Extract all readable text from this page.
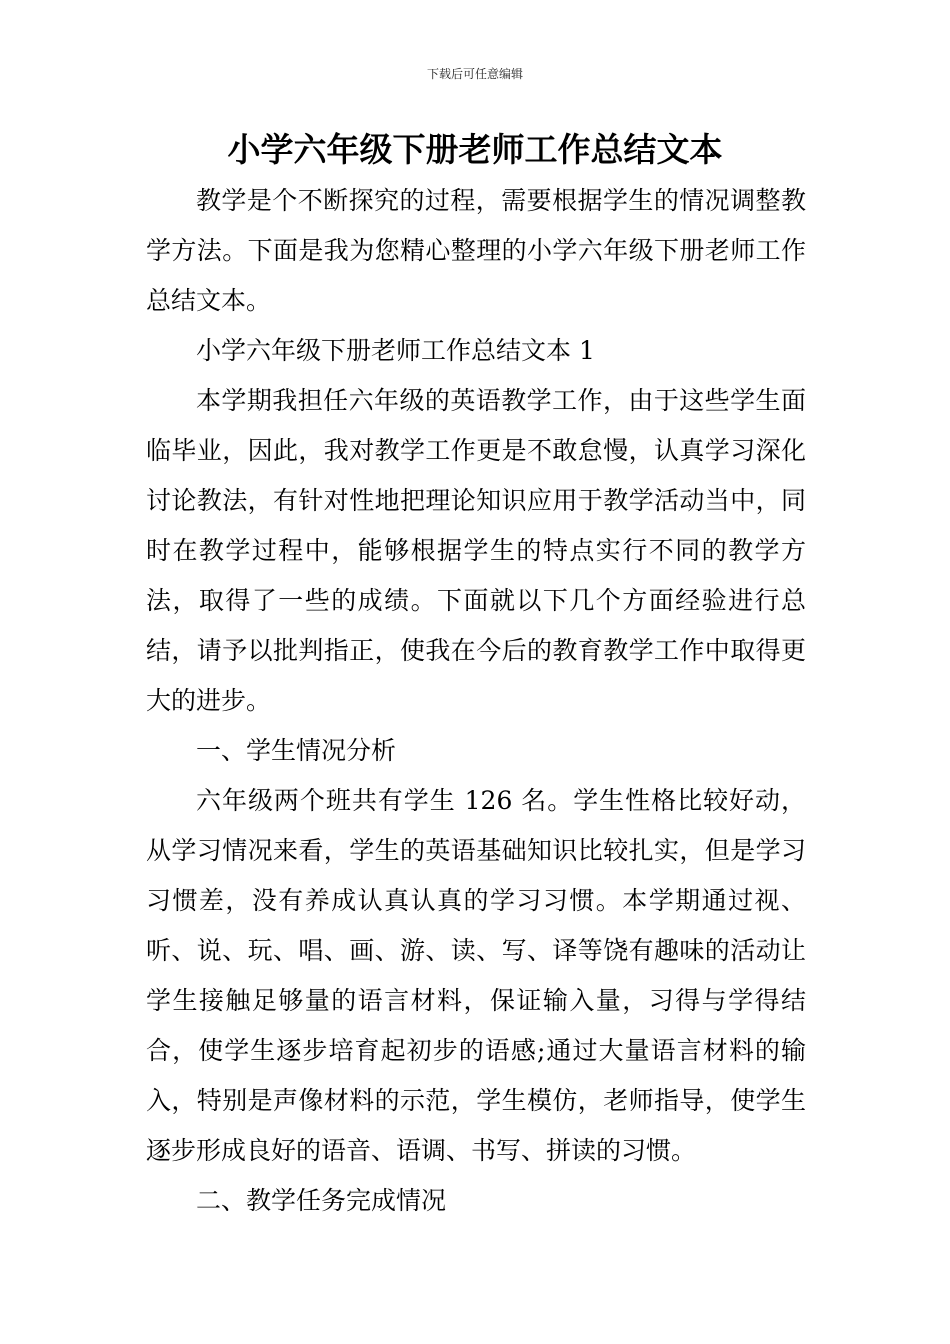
下载后可任意编辑
小学六年级下册老师工作总结文本

教学是个不断探究的过程，需要根据学生的情况调整教学方法。下面是我为您精心整理的小学六年级下册老师工作总结文本。

小学六年级下册老师工作总结文本 1

本学期我担任六年级的英语教学工作，由于这些学生面临毕业，因此，我对教学工作更是不敢怠慢，认真学习深化讨论教法，有针对性地把理论知识应用于教学活动当中，同时在教学过程中，能够根据学生的特点实行不同的教学方法，取得了一些的成绩。下面就以下几个方面经验进行总结，请予以批判指正，使我在今后的教育教学工作中取得更大的进步。

一、学生情况分析

六年级两个班共有学生 126 名。学生性格比较好动，从学习情况来看，学生的英语基础知识比较扎实，但是学习习惯差，没有养成认真认真的学习习惯。本学期通过视、听、说、玩、唱、画、游、读、写、译等饶有趣味的活动让学生接触足够量的语言材料，保证输入量，习得与学得结合，使学生逐步培育起初步的语感;通过大量语言材料的输入，特别是声像材料的示范，学生模仿，老师指导，使学生逐步形成良好的语音、语调、书写、拼读的习惯。

二、教学任务完成情况
